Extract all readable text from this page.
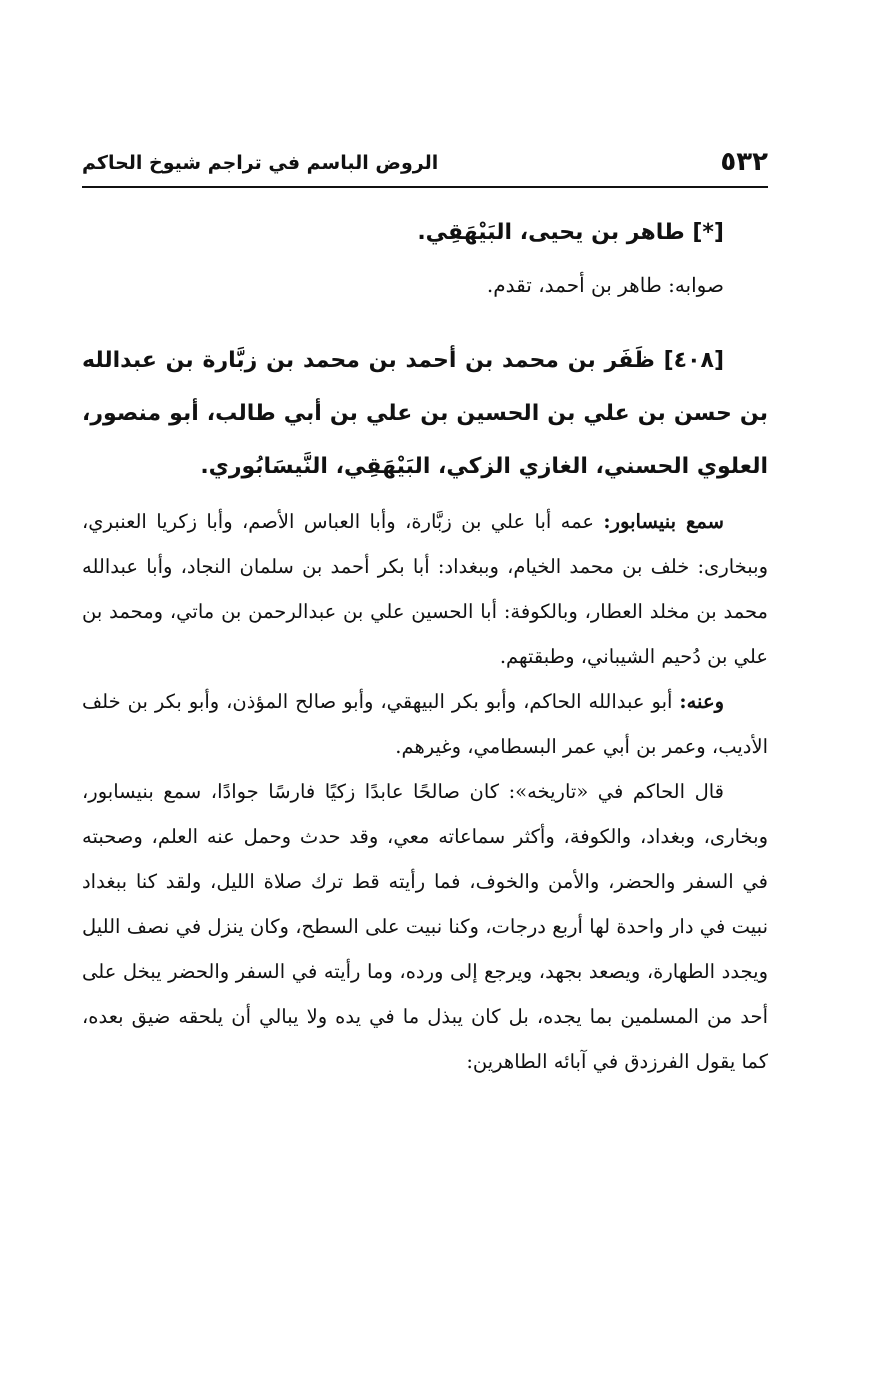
٥٣٢
الروض الباسم في تراجم شيوخ الحاكم

[*] طاهر بن يحيى، البَيْهَقِي.

صوابه: طاهر بن أحمد، تقدم.

[٤٠٨] ظَفَر بن محمد بن أحمد بن محمد بن زبَّارة بن عبدالله بن حسن بن علي بن الحسين بن علي بن أبي طالب، أبو منصور، العلوي الحسني، الغازي الزكي، البَيْهَقِي، النَّيسَابُوري.

سمع بنيسابور: عمه أبا علي بن زبَّارة، وأبا العباس الأصم، وأبا زكريا العنبري، وببخارى: خلف بن محمد الخيام، وببغداد: أبا بكر أحمد بن سلمان النجاد، وأبا عبدالله محمد بن مخلد العطار، وبالكوفة: أبا الحسين علي بن عبدالرحمن بن ماتي، ومحمد بن علي بن دُحيم الشيباني، وطبقتهم.

وعنه: أبو عبدالله الحاكم، وأبو بكر البيهقي، وأبو صالح المؤذن، وأبو بكر بن خلف الأديب، وعمر بن أبي عمر البسطامي، وغيرهم.

قال الحاكم في «تاريخه»: كان صالحًا عابدًا زكيًا فارسًا جوادًا، سمع بنيسابور، وبخارى، وبغداد، والكوفة، وأكثر سماعاته معي، وقد حدث وحمل عنه العلم، وصحبته في السفر والحضر، والأمن والخوف، فما رأيته قط ترك صلاة الليل، ولقد كنا ببغداد نبيت في دار واحدة لها أربع درجات، وكنا نبيت على السطح، وكان ينزل في نصف الليل ويجدد الطهارة، ويصعد بجهد، ويرجع إلى ورده، وما رأيته في السفر والحضر يبخل على أحد من المسلمين بما يجده، بل كان يبذل ما في يده ولا يبالي أن يلحقه ضيق بعده، كما يقول الفرزدق في آبائه الطاهرين:
